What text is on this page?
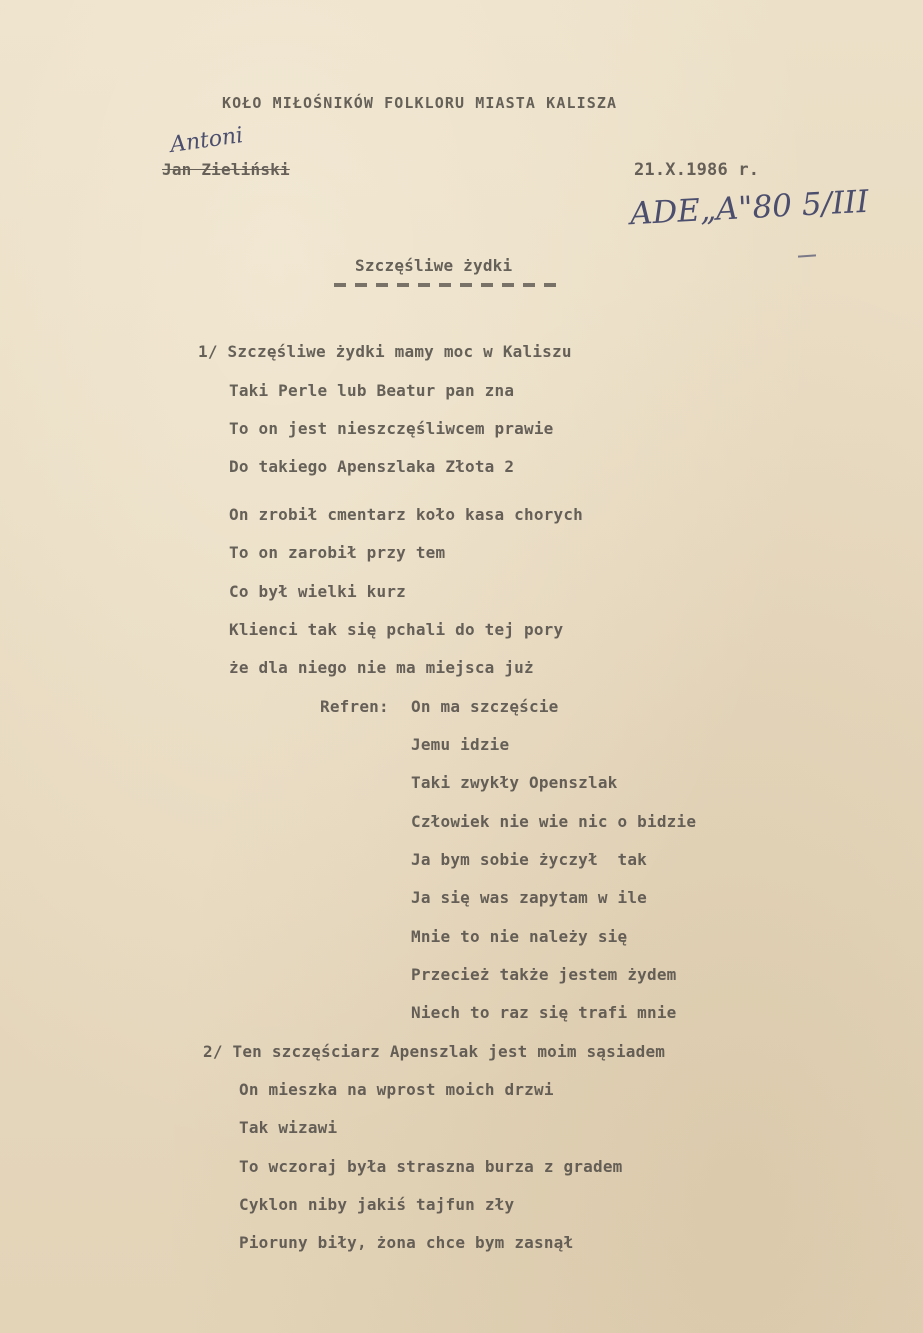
KOŁO MIŁOŚNIKÓW FOLKLORU MIASTA KALISZA
Antoni
Jan Zieliński	21.X.1986 r.
ADE„A"80 5/III
Szczęśliwe żydki
1/ Szczęśliwe żydki mamy moc w Kaliszu
Taki Perle lub Beatur pan zna
To on jest nieszczęśliwcem prawie
Do takiego Apenszlaka Złota 2
On zrobił cmentarz koło kasa chorych
To on zarobił przy tem
Co był wielki kurz
Klienci tak się pchali do tej pory
że dla niego nie ma miejsca już
Refren: On ma szczęście
Jemu idzie
Taki zwykły Openszlak
Człowiek nie wie nic o bidzie
Ja bym sobie życzył  tak
Ja się was zapytam w ile
Mnie to nie należy się
Przecież także jestem żydem
Niech to raz się trafi mnie
2/ Ten szczęściarz Apenszlak jest moim sąsiadem
On mieszka na wprost moich drzwi
Tak wizawi
To wczoraj była straszna burza z gradem
Cyklon niby jakiś tajfun zły
Pioruny biły, żona chce bym zasnął
